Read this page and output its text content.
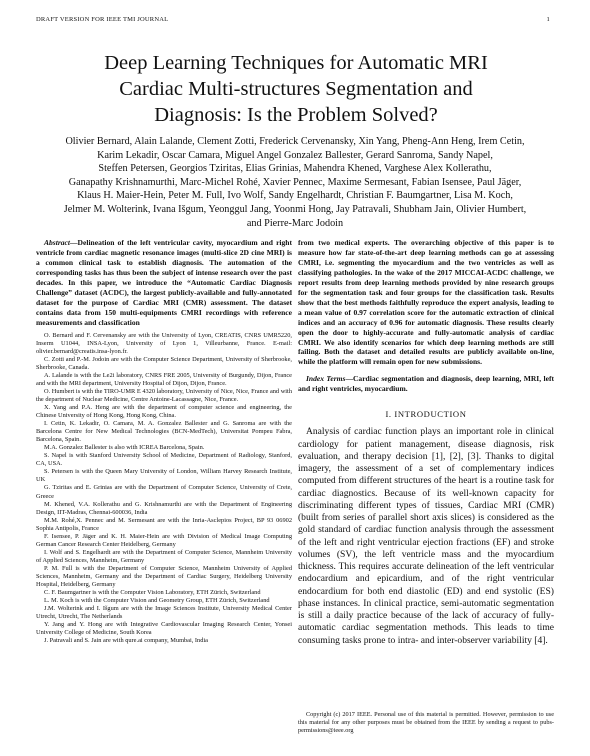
DRAFT VERSION FOR IEEE TMI JOURNAL	1
Deep Learning Techniques for Automatic MRI
Cardiac Multi-structures Segmentation and
Diagnosis: Is the Problem Solved?
Olivier Bernard, Alain Lalande, Clement Zotti, Frederick Cervenansky, Xin Yang, Pheng-Ann Heng, Irem Cetin,
Karim Lekadir, Oscar Camara, Miguel Angel Gonzalez Ballester, Gerard Sanroma, Sandy Napel,
Steffen Petersen, Georgios Tziritas, Elias Grinias, Mahendra Khened, Varghese Alex Kollerathu,
Ganapathy Krishnamurthi, Marc-Michel Rohé, Xavier Pennec, Maxime Sermesant, Fabian Isensee, Paul Jäger,
Klaus H. Maier-Hein, Peter M. Full, Ivo Wolf, Sandy Engelhardt, Christian F. Baumgartner, Lisa M. Koch,
Jelmer M. Wolterink, Ivana Išgum, Yeonggul Jang, Yoonmi Hong, Jay Patravali, Shubham Jain, Olivier Humbert,
and Pierre-Marc Jodoin

Abstract—Delineation of the left ventricular cavity, myocardium and right ventricle from cardiac magnetic resonance images (multi-slice 2D cine MRI) is a common clinical task to establish diagnosis. The automation of the corresponding tasks has thus been the subject of intense research over the past decades. In this paper, we introduce the “Automatic Cardiac Diagnosis Challenge” dataset (ACDC), the largest publicly-available and fully-annotated dataset for the purpose of Cardiac MRI (CMR) assessment. The dataset contains data from 150 multi-equipments CMRI recordings with reference measurements and classification

O. Bernard and F. Cervenansky are with the University of Lyon, CREATIS, CNRS UMR5220, Inserm U1044, INSA-Lyon, University of Lyon 1, Villeurbanne, France. E-mail: olivier.bernard@creatis.insa-lyon.fr.

C. Zotti and P.-M. Jodoin are with the Computer Science Department, University of Sherbrooke, Sherbrooke, Canada.

A. Lalande is with the Le2i laboratory, CNRS FRE 2005, University of Burgundy, Dijon, France and with the MRI department, University Hospital of Dijon, Dijon, France.

O. Humbert is with the TIRO-UMR E 4320 laboratory, University of Nice, Nice, France and with the department of Nuclear Medicine, Centre Antoine-Lacassagne, Nice, France.

X. Yang and P.A. Heng are with the department of computer science and engineering, the Chinese University of Hong Kong, Hong Kong, China.

I. Cetin, K. Lekadir, O. Camara, M. A. Gonzalez Ballester and G. Sanroma are with the Barcelona Centre for New Medical Technologies (BCN-MedTech), Universitat Pompeu Fabra, Barcelona, Spain.

M.A. Gonzalez Ballester is also with ICREA Barcelona, Spain.

S. Napel is with Stanford University School of Medicine, Department of Radiology, Stanford, CA, USA.

S. Petersen is with the Queen Mary University of London, William Harvey Research Institute, UK

G. Tziritas and E. Grinias are with the Department of Computer Science, University of Crete, Greece

M. Khened, V.A. Kollerathu and G. Krishnamurthi are with the Department of Engineering Design, IIT-Madras, Chennai-600036, India

M.M. Rohé,X. Pennec and M. Sermesant are with the Inria-Asclepios Project, BP 93 06902 Sophia Antipolis, France

F. Isensee, P. Jäger and K. H. Maier-Hein are with Division of Medical Image Computing German Cancer Research Center Heidelberg, Germany

I. Wolf and S. Engelhardt are with the Department of Computer Science, Mannheim University of Applied Sciences, Mannheim, Germany

P. M. Full is with the Department of Computer Science, Mannheim University of Applied Sciences, Mannheim, Germany and the Department of Cardiac Surgery, Heidelberg University Hospital, Heidelberg, Germany

C. F. Baumgartner is with the Computer Vision Laboratory, ETH Zürich, Switzerland

L. M. Koch is with the Computer Vision and Geometry Group, ETH Zürich, Switzerland

J.M. Wolterink and I. Išgum are with the Image Sciences Institute, University Medical Center Utrecht, Utrecht, The Netherlands

Y. Jang and Y. Hong are with Integrative Cardiovascular Imaging Research Center, Yonsei University College of Medicine, South Korea

J. Patravali and S. Jain are with qure.ai company, Mumbai, India

from two medical experts. The overarching objective of this paper is to measure how far state-of-the-art deep learning methods can go at assessing CMRI, i.e. segmenting the myocardium and the two ventricles as well as classifying pathologies. In the wake of the 2017 MICCAI-ACDC challenge, we report results from deep learning methods provided by nine research groups for the segmentation task and four groups for the classification task. Results show that the best methods faithfully reproduce the expert analysis, leading to a mean value of 0.97 correlation score for the automatic extraction of clinical indices and an accuracy of 0.96 for automatic diagnosis. These results clearly open the door to highly-accurate and fully-automatic analysis of cardiac CMRI. We also identify scenarios for which deep learning methods are still failing. Both the dataset and detailed results are publicly available on-line, while the platform will remain open for new submissions.

Index Terms—Cardiac segmentation and diagnosis, deep learning, MRI, left and right ventricles, myocardium.

I. INTRODUCTION

Analysis of cardiac function plays an important role in clinical cardiology for patient management, disease diagnosis, risk evaluation, and therapy decision [1], [2], [3]. Thanks to digital imagery, the assessment of a set of complementary indices computed from different structures of the heart is a routine task for cardiac diagnostics. Because of its well-known capacity for discriminating different types of tissues, Cardiac MRI (CMR) (built from series of parallel short axis slices) is considered as the gold standard of cardiac function analysis through the assessment of the left and right ventricular ejection fractions (EF) and stroke volumes (SV), the left ventricle mass and the myocardium thickness. This requires accurate delineation of the left ventricular endocardium and epicardium, and of the right ventricular endocardium for both end diastolic (ED) and end systolic (ES) phase instances. In clinical practice, semi-automatic segmentation is still a daily practice because of the lack of accuracy of fully-automatic cardiac segmentation methods. This leads to time consuming tasks prone to intra- and inter-observer variability [4].

Copyright (c) 2017 IEEE. Personal use of this material is permitted. However, permission to use this material for any other purposes must be obtained from the IEEE by sending a request to pubs-permissions@ieee.org
